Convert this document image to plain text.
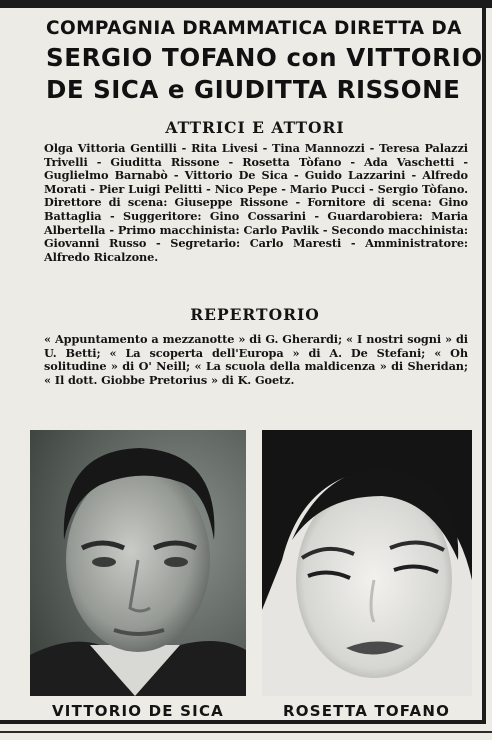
COMPAGNIA DRAMMATICA DIRETTA DA
SERGIO TOFANO con VITTORIO
DE SICA e GIUDITTA RISSONE
ATTRICI E ATTORI
Olga Vittoria Gentilli - Rita Livesi - Tina Mannozzi - Teresa Palazzi Trivelli - Giuditta Rissone - Rosetta Tòfano - Ada Vaschetti - Guglielmo Barnabò - Vittorio De Sica - Guido Lazzarini - Alfredo Morati - Pier Luigi Pelitti - Nico Pepe - Mario Pucci - Sergio Tòfano. Direttore di scena: Giuseppe Rissone - Fornitore di scena: Gino Battaglia - Suggeritore: Gino Cossarini - Guardarobiera: Maria Albertella - Primo macchinista: Carlo Pavlik - Secondo macchinista: Giovanni Russo - Segretario: Carlo Maresti - Amministratore: Alfredo Ricalzone.
REPERTORIO
« Appuntamento a mezzanotte » di G. Gherardi; « I nostri sogni » di U. Betti; « La scoperta dell'Europa » di A. De Stefani; « Oh solitudine » di O' Neill; « La scuola della maldicenza » di Sheridan; « Il dott. Giobbe Pretorius » di K. Goetz.
VITTORIO DE SICA	ROSETTA TOFANO
